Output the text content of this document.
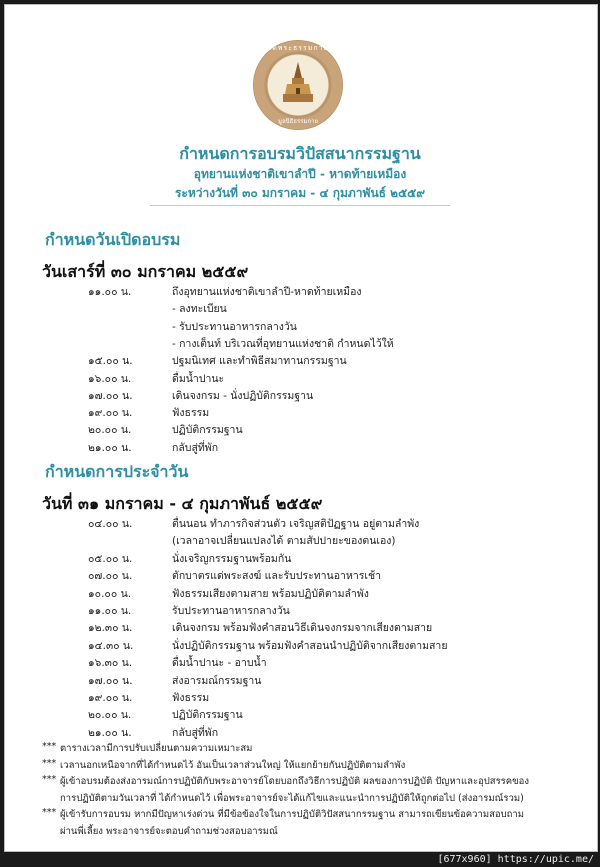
วัดพระธรรมกาย
มูลนิธิธรรมกาย
กำหนดการอบรมวิปัสสนากรรมฐาน
อุทยานแห่งชาติเขาลำปี - หาดท้ายเหมือง
ระหว่างวันที่ ๓๐ มกราคม - ๔ กุมภาพันธ์ ๒๕๕๙
กำหนดวันเปิดอบรม
วันเสาร์ที่ ๓๐ มกราคม ๒๕๕๙
๑๑.๐๐ น.	ถึงอุทยานแห่งชาติเขาลำปี-หาดท้ายเหมือง
- ลงทะเบียน
- รับประทานอาหารกลางวัน
- กางเต็นท์ บริเวณที่อุทยานแห่งชาติ กำหนดไว้ให้
๑๕.๐๐ น.	ปฐมนิเทศ และทำพิธีสมาทานกรรมฐาน
๑๖.๐๐ น.	ดื่มน้ำปานะ
๑๗.๐๐ น.	เดินจงกรม - นั่งปฏิบัติกรรมฐาน
๑๙.๐๐ น.	ฟังธรรม
๒๐.๐๐ น.	ปฏิบัติกรรมฐาน
๒๑.๐๐ น.	กลับสู่ที่พัก
กำหนดการประจำวัน
วันที่ ๓๑ มกราคม - ๔ กุมภาพันธ์ ๒๕๕๙
๐๔.๐๐ น.	ตื่นนอน ทำภารกิจส่วนตัว เจริญสติปัฏฐาน อยู่ตามลำพัง
(เวลาอาจเปลี่ยนแปลงได้ ตามสัปปายะของตนเอง)
๐๕.๐๐ น.	นั่งเจริญกรรมฐานพร้อมกัน
๐๗.๐๐ น.	ตักบาตรแด่พระสงฆ์ และรับประทานอาหารเช้า
๑๐.๐๐ น.	ฟังธรรมเสียงตามสาย พร้อมปฏิบัติตามลำพัง
๑๑.๐๐ น.	รับประทานอาหารกลางวัน
๑๒.๓๐ น.	เดินจงกรม พร้อมฟังคำสอนวิธีเดินจงกรมจากเสียงตามสาย
๑๔.๓๐ น.	นั่งปฏิบัติกรรมฐาน พร้อมฟังคำสอนนำปฏิบัติจากเสียงตามสาย
๑๖.๓๐ น.	ดื่มน้ำปานะ - อาบน้ำ
๑๗.๐๐ น.	ส่งอารมณ์กรรมฐาน
๑๙.๐๐ น.	ฟังธรรม
๒๐.๐๐ น.	ปฏิบัติกรรมฐาน
๒๑.๐๐ น.	กลับสู่ที่พัก
*** ตารางเวลามีการปรับเปลี่ยนตามความเหมาะสม
*** เวลานอกเหนือจากที่ได้กำหนดไว้ อันเป็นเวลาส่วนใหญ่ ให้แยกย้ายกันปฏิบัติตามลำพัง
*** ผู้เข้าอบรมต้องส่งอารมณ์การปฏิบัติกับพระอาจารย์โดยบอกถึงวิธีการปฏิบัติ ผลของการปฏิบัติ ปัญหาและอุปสรรคของ
การปฏิบัติตามวันเวลาที่ ได้กำหนดไว้ เพื่อพระอาจารย์จะได้แก้ไขและแนะนำการปฏิบัติให้ถูกต่อไป (ส่งอารมณ์รวม)
*** ผู้เข้ารับการอบรม หากมีปัญหาเร่งด่วน ที่มีข้อข้องใจในการปฏิบัติวิปัสสนากรรมฐาน สามารถเขียนข้อความสอบถาม
ผ่านพี่เลี้ยง พระอาจารย์จะตอบคำถามช่วงสอบอารมณ์
[677x960] https://upic.me/
